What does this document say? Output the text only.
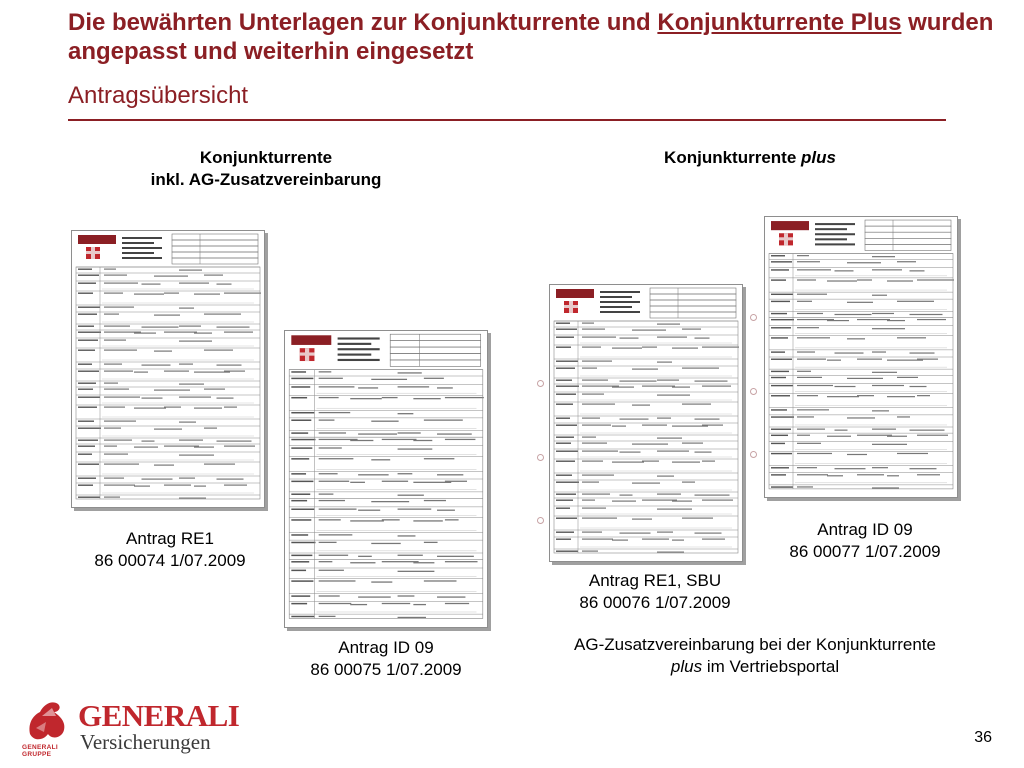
Die bewährten Unterlagen zur Konjunkturrente und Konjunkturrente Plus wurden angepasst und weiterhin eingesetzt
Antragsübersicht
Konjunkturrente
inkl. AG-Zusatzvereinbarung
Konjunkturrente plus
Antrag RE1
86 00074 1/07.2009
Antrag ID 09
86 00075 1/07.2009
Antrag RE1, SBU
86 00076 1/07.2009
Antrag ID 09
86 00077 1/07.2009
AG-Zusatzvereinbarung bei der Konjunkturrente
plus im Vertriebsportal
GENERALI GRUPPE
GENERALI
Versicherungen	36
